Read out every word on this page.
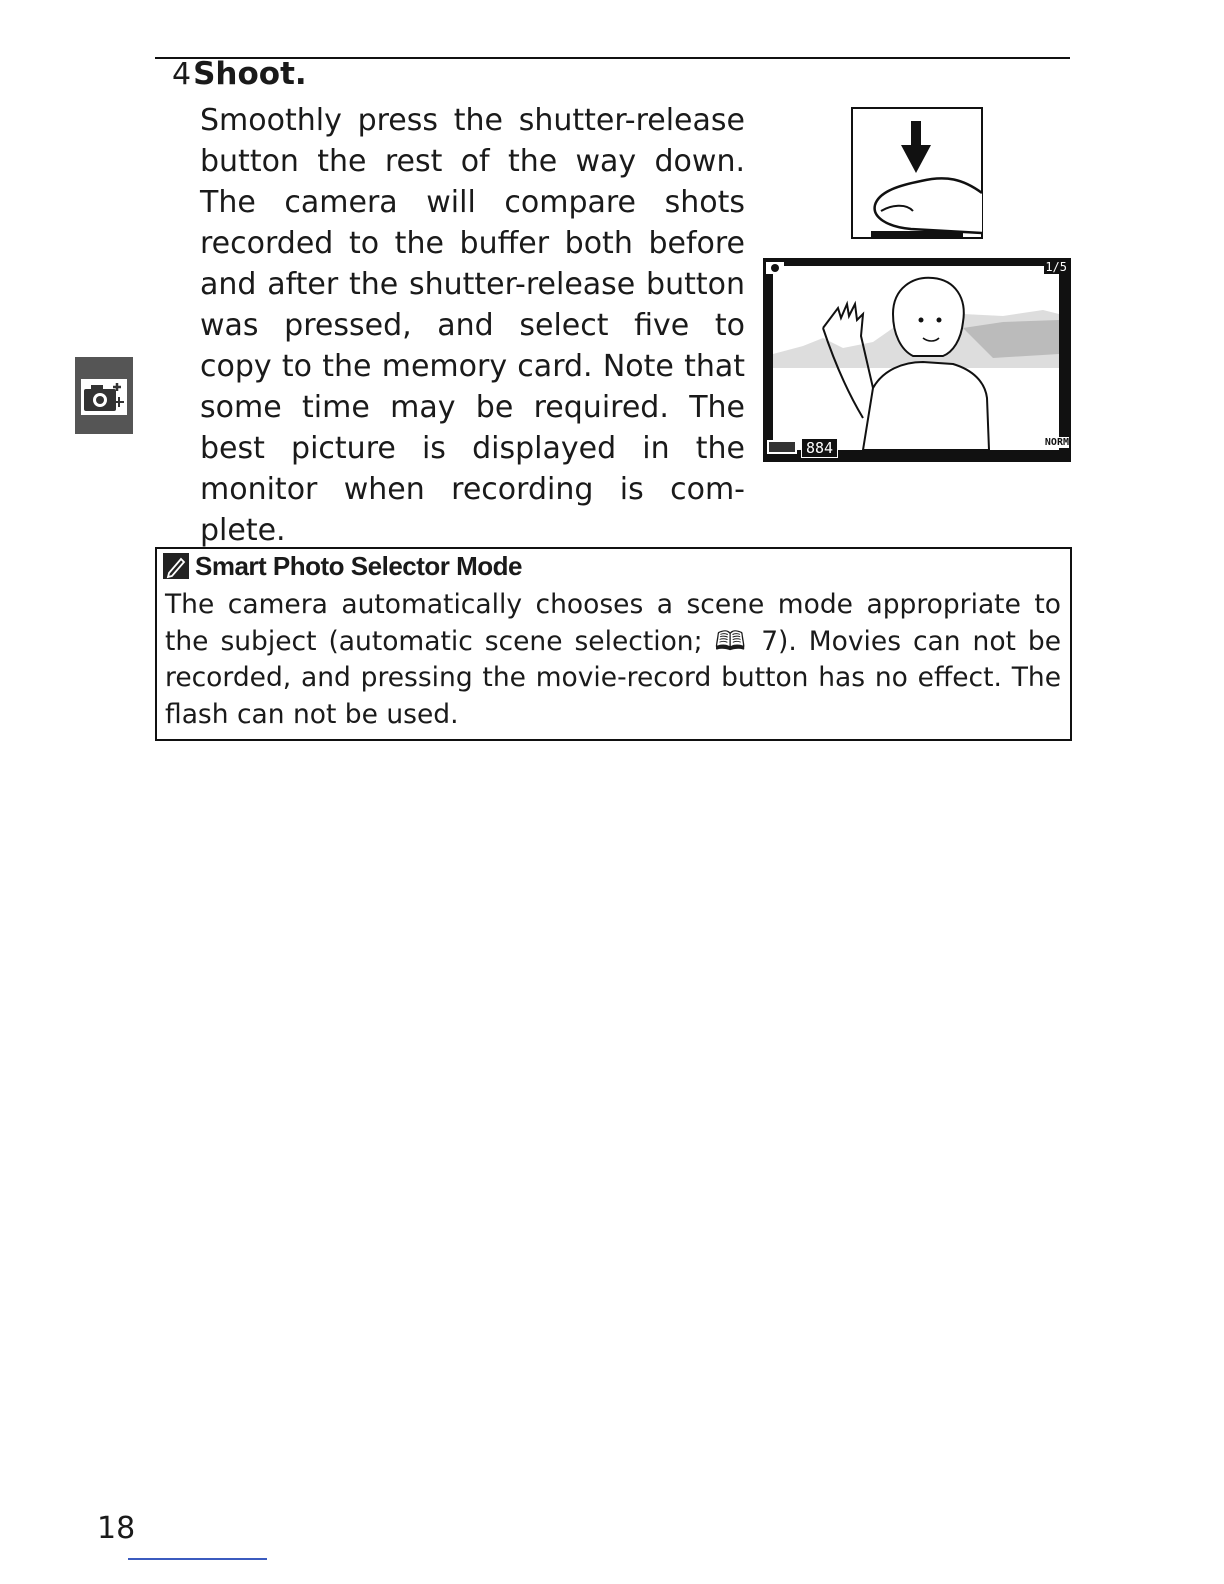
4Shoot.
Smoothly press the shutter-release button the rest of the way down. The camera will compare shots recorded to the buffer both before and after the shutter-release button was pressed, and select five to copy to the memory card. Note that some time may be required. The best picture is displayed in the monitor when recording is com-plete.
1/5
884	NORM
Smart Photo Selector Mode
The camera automatically chooses a scene mode appropriate to the subject (automatic scene selection; 🕮 7). Movies can not be recorded, and pressing the movie-record button has no effect. The flash can not be used.
18
